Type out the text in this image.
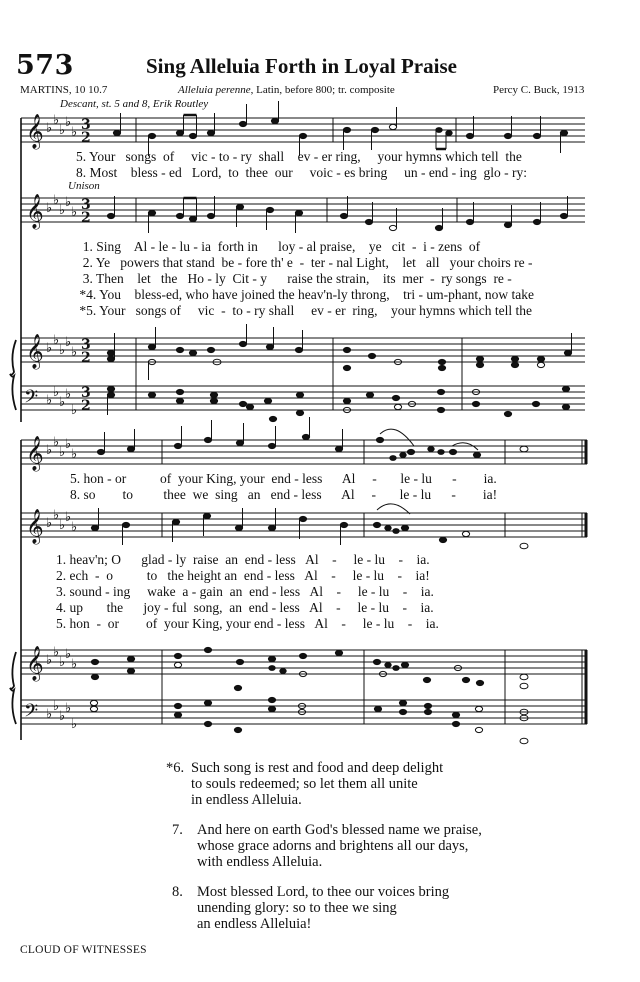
573	Sing Alleluia Forth in Loyal Praise
MARTINS, 10 10.7	Alleluia perenne, Latin, before 800; tr. composite	Percy C. Buck, 1913
Descant, st. 5 and 8, Erik Routley
𝄞
𝄞
𝄞
𝄢
𝄞
𝄞
𝄞
𝄢
♭
♭
♭
♭
♭
♭
♭
♭
♭
♭
♭
♭
♭
♭
♭
♭
♭
♭
♭
♭
♭
♭
♭
♭
♭
♭
♭
♭
♭
♭
♭
♭
♭
♭
♭
♭
♭
♭
♭
♭
3
2
3
2
3
2
3
2
Unison
5. Your   songs  of     vic - to - ry  shall    ev - er ring,     your hymns which tell  the
8. Most    bless - ed   Lord,  to  thee  our     voic - es bring     un - end - ing  glo - ry:
1. Sing    Al - le - lu - ia  forth in      loy - al praise,    ye   cit  -  i - zens  of
2. Ye   powers that stand  be - fore th' e  -  ter - nal Light,    let   all   your choirs re -
3. Then    let   the   Ho - ly  Cit - y      raise the strain,    its  mer  -  ry songs  re -
*4. You    bless-ed, who have joined the heav'n-ly throng,    tri - um-phant, now take
*5. Your   songs of     vic  -  to - ry shall     ev - er  ring,    your hymns which tell the
5. hon - or          of  your King, your  end - less      Al     -       le - lu      -        ia.
8. so        to         thee  we  sing   an   end - less      Al     -       le - lu      -        ia!
1. heav'n; O      glad - ly  raise  an  end - less   Al    -     le - lu    -    ia.
2. ech  -  o          to   the height an  end - less   Al    -     le - lu    -    ia!
3. sound - ing     wake  a - gain  an  end - less   Al    -     le - lu    -    ia.
4. up       the      joy - ful  song,  an  end - less   Al    -     le - lu    -    ia.
5. hon  -  or        of  your King, your end - less   Al    -     le - lu    -    ia.
*6. Such song is rest and food and deep delight
to souls redeemed; so let them all unite
in endless Alleluia.
7. And here on earth God's blessed name we praise,
whose grace adorns and brightens all our days,
with endless Alleluia.
8. Most blessed Lord, to thee our voices bring
unending glory: so to thee we sing
an endless Alleluia!
CLOUD OF WITNESSES
